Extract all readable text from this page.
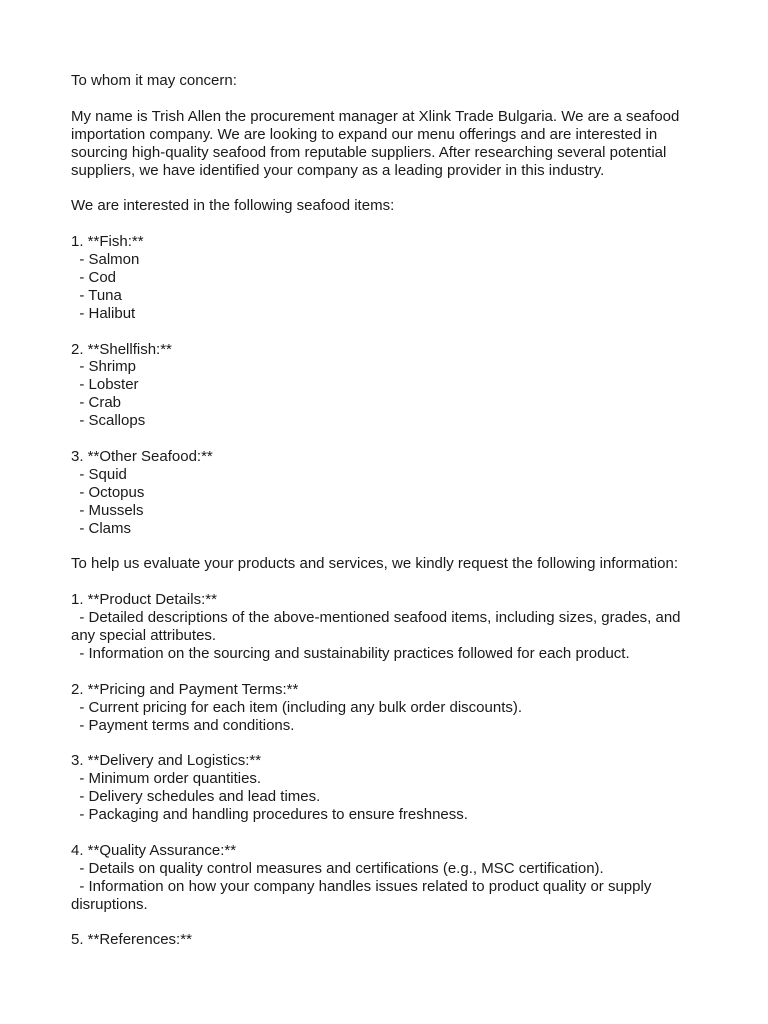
To whom it may concern:
My name is Trish Allen the procurement manager at Xlink Trade Bulgaria. We are a seafood importation company. We are looking to expand our menu offerings and are interested in sourcing high-quality seafood from reputable suppliers. After researching several potential suppliers, we have identified your company as a leading provider in this industry.
We are interested in the following seafood items:
1. **Fish:**
- Salmon
- Cod
- Tuna
- Halibut
2. **Shellfish:**
- Shrimp
- Lobster
- Crab
- Scallops
3. **Other Seafood:**
- Squid
- Octopus
- Mussels
- Clams
To help us evaluate your products and services, we kindly request the following information:
1. **Product Details:**
- Detailed descriptions of the above-mentioned seafood items, including sizes, grades, and any special attributes.
- Information on the sourcing and sustainability practices followed for each product.
2. **Pricing and Payment Terms:**
- Current pricing for each item (including any bulk order discounts).
- Payment terms and conditions.
3. **Delivery and Logistics:**
- Minimum order quantities.
- Delivery schedules and lead times.
- Packaging and handling procedures to ensure freshness.
4. **Quality Assurance:**
- Details on quality control measures and certifications (e.g., MSC certification).
- Information on how your company handles issues related to product quality or supply disruptions.
5. **References:**
